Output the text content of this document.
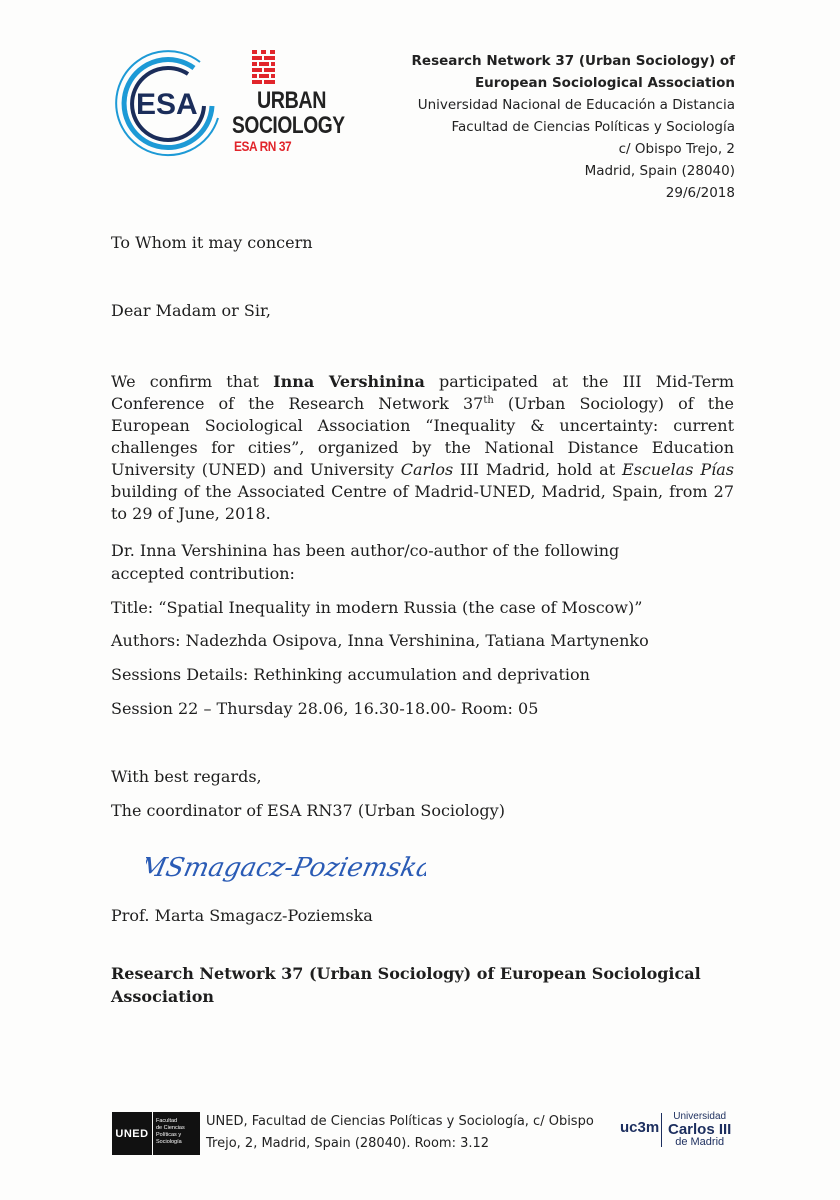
ESA URBAN
SOCIOLOGY
ESA RN 37
Research Network 37 (Urban Sociology) of
European Sociological Association
Universidad Nacional de Educación a Distancia
Facultad de Ciencias Políticas y Sociología
c/ Obispo Trejo, 2
Madrid, Spain (28040)
29/6/2018
To Whom it may concern
Dear Madam or Sir,
We confirm that Inna Vershinina participated at the III Mid-Term Conference of the Research Network 37th (Urban Sociology) of the European Sociological Association “Inequality & uncertainty: current challenges for cities”, organized by the National Distance Education University (UNED) and University Carlos III Madrid, hold at Escuelas Pías building of the Associated Centre of Madrid-UNED, Madrid, Spain, from 27 to 29 of June, 2018.
Dr. Inna Vershinina has been author/co-author of the following
accepted contribution:
Title: “Spatial Inequality in modern Russia (the case of Moscow)”
Authors: Nadezhda Osipova, Inna Vershinina, Tatiana Martynenko
Sessions Details: Rethinking accumulation and deprivation
Session 22 – Thursday 28.06, 16.30-18.00- Room: 05
With best regards,
The coordinator of ESA RN37 (Urban Sociology)
MSmagacz-Poziemska
Prof. Marta Smagacz-Poziemska
Research Network 37 (Urban Sociology) of European Sociological Association
UNED
Facultad
de Ciencias
Políticas y
Sociología
UNED, Facultad de Ciencias Políticas y Sociología, c/ Obispo
Trejo, 2, Madrid, Spain (28040). Room: 3.12
uc3m
Universidad
Carlos III
de Madrid
